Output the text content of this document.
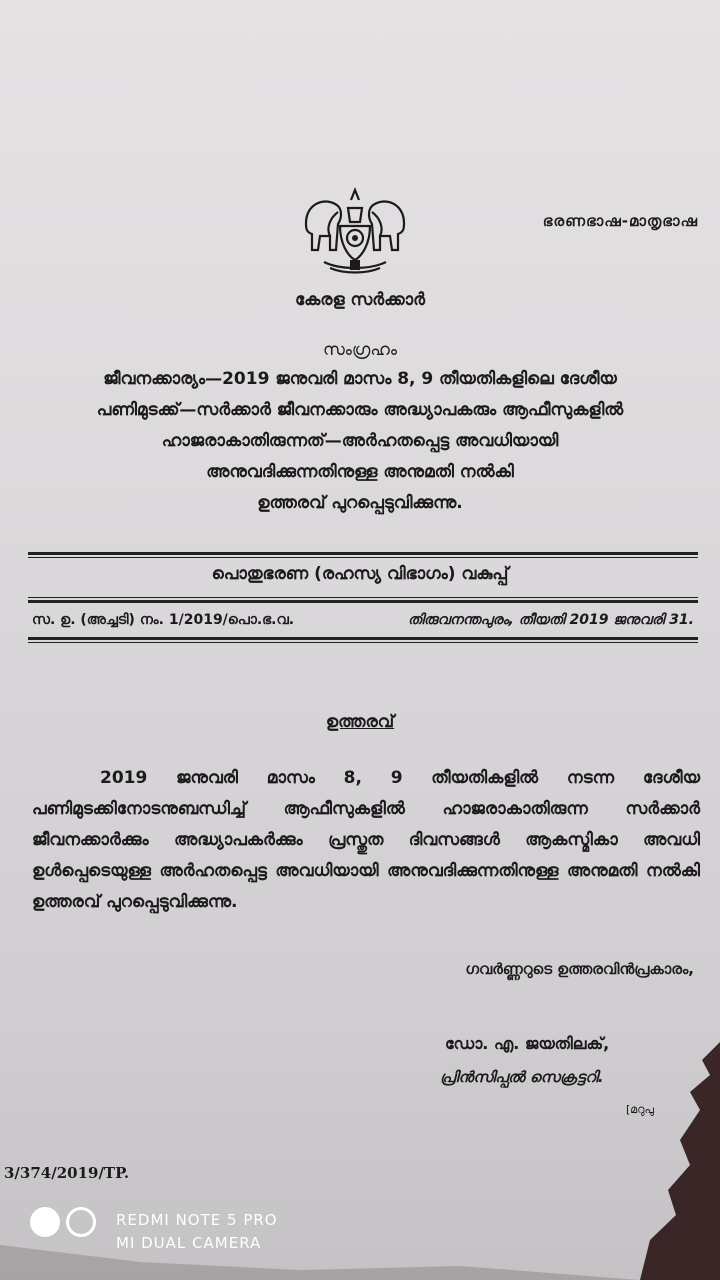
ഭരണഭാഷ-മാതൃഭാഷ
കേരള സർക്കാർ
സംഗ്രഹം
ജീവനക്കാര്യം—2019 ജനുവരി മാസം 8, 9 തീയതികളിലെ ദേശീയ
പണിമുടക്ക്—സർക്കാർ ജീവനക്കാരും അദ്ധ്യാപകരും ആഫീസുകളിൽ
ഹാജരാകാതിരുന്നത്—അർഹതപ്പെട്ട അവധിയായി
അനുവദിക്കുന്നതിനുള്ള അനുമതി നൽകി
ഉത്തരവ് പുറപ്പെടുവിക്കുന്നു.
പൊതുഭരണ (രഹസ്യ വിഭാഗം) വകുപ്പ്
സ. ഉ. (അച്ചടി) നം. 1/2019/പൊ.ഭ.വ.	തിരുവനന്തപുരം, തീയതി 2019 ജനുവരി 31.
ഉത്തരവ്
2019 ജനുവരി മാസം 8, 9 തീയതികളിൽ നടന്ന ദേശീയ പണിമുടക്കിനോടനുബന്ധിച്ച് ആഫീസുകളിൽ ഹാജരാകാതിരുന്ന സർക്കാർ ജീവനക്കാർക്കും അദ്ധ്യാപകർക്കും പ്രസ്തുത ദിവസങ്ങൾ ആകസ്മികാ അവധി ഉൾപ്പെടെയുള്ള അർഹതപ്പെട്ട അവധിയായി അനുവദിക്കുന്നതിനുള്ള അനുമതി നൽകി ഉത്തരവ് പുറപ്പെടുവിക്കുന്നു.
ഗവർണ്ണറുടെ ഉത്തരവിൻപ്രകാരം,
ഡോ. എ. ജയതിലക്,
പ്രിൻസിപ്പൽ സെക്രട്ടറി.
[മറുപു
3/374/2019/TP.
REDMI NOTE 5 PRO
MI DUAL CAMERA
